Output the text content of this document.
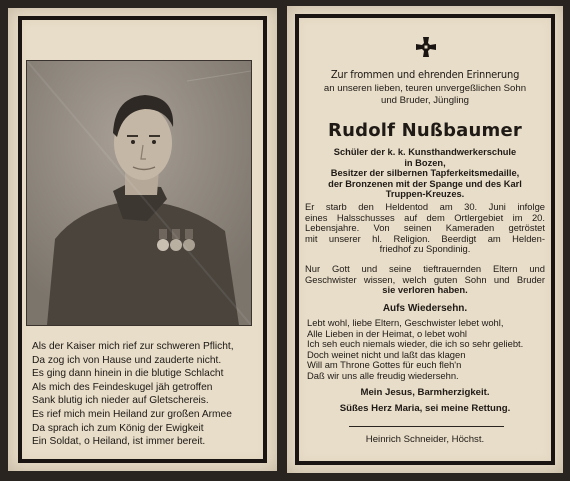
Als der Kaiser mich rief zur schweren Pflicht,
Da zog ich von Hause und zauderte nicht.
Es ging dann hinein in die blutige Schlacht
Als mich des Feindeskugel jäh getroffen
Sank blutig ich nieder auf Gletschereis.
Es rief mich mein Heiland zur großen Armee
Da sprach ich zum König der Ewigkeit
Ein Soldat, o Heiland, ist immer bereit.
Zur frommen und ehrenden Erinnerung
an unseren lieben, teuren unvergeßlichen Sohn
und Bruder, Jüngling
Rudolf Nußbaumer
Schüler der k. k. Kunsthandwerkerschule
in Bozen,
Besitzer der silbernen Tapferkeitsmedaille,
der Bronzenen mit der Spange und des Karl
Truppen-Kreuzes.
Er starb den Heldentod am 30. Juni infolge
eines Halsschusses auf dem Ortlergebiet im 20.
Lebensjahre. Von seinen Kameraden getröstet
mit unserer hl. Religion. Beerdigt am Helden-
friedhof zu Spondinig.
Nur Gott und seine tieftrauernden Eltern und
Geschwister wissen, welch guten Sohn und Bruder
sie verloren haben.
Aufs Wiedersehn.
Lebt wohl, liebe Eltern, Geschwister lebet wohl,
Alle Lieben in der Heimat, o lebet wohl
Ich seh euch niemals wieder, die ich so sehr geliebt.
Doch weinet nicht und laßt das klagen
Will am Throne Gottes für euch fleh'n
Daß wir uns alle freudig wiedersehn.
Mein Jesus, Barmherzigkeit.
Süßes Herz Maria, sei meine Rettung.
Heinrich Schneider, Höchst.
